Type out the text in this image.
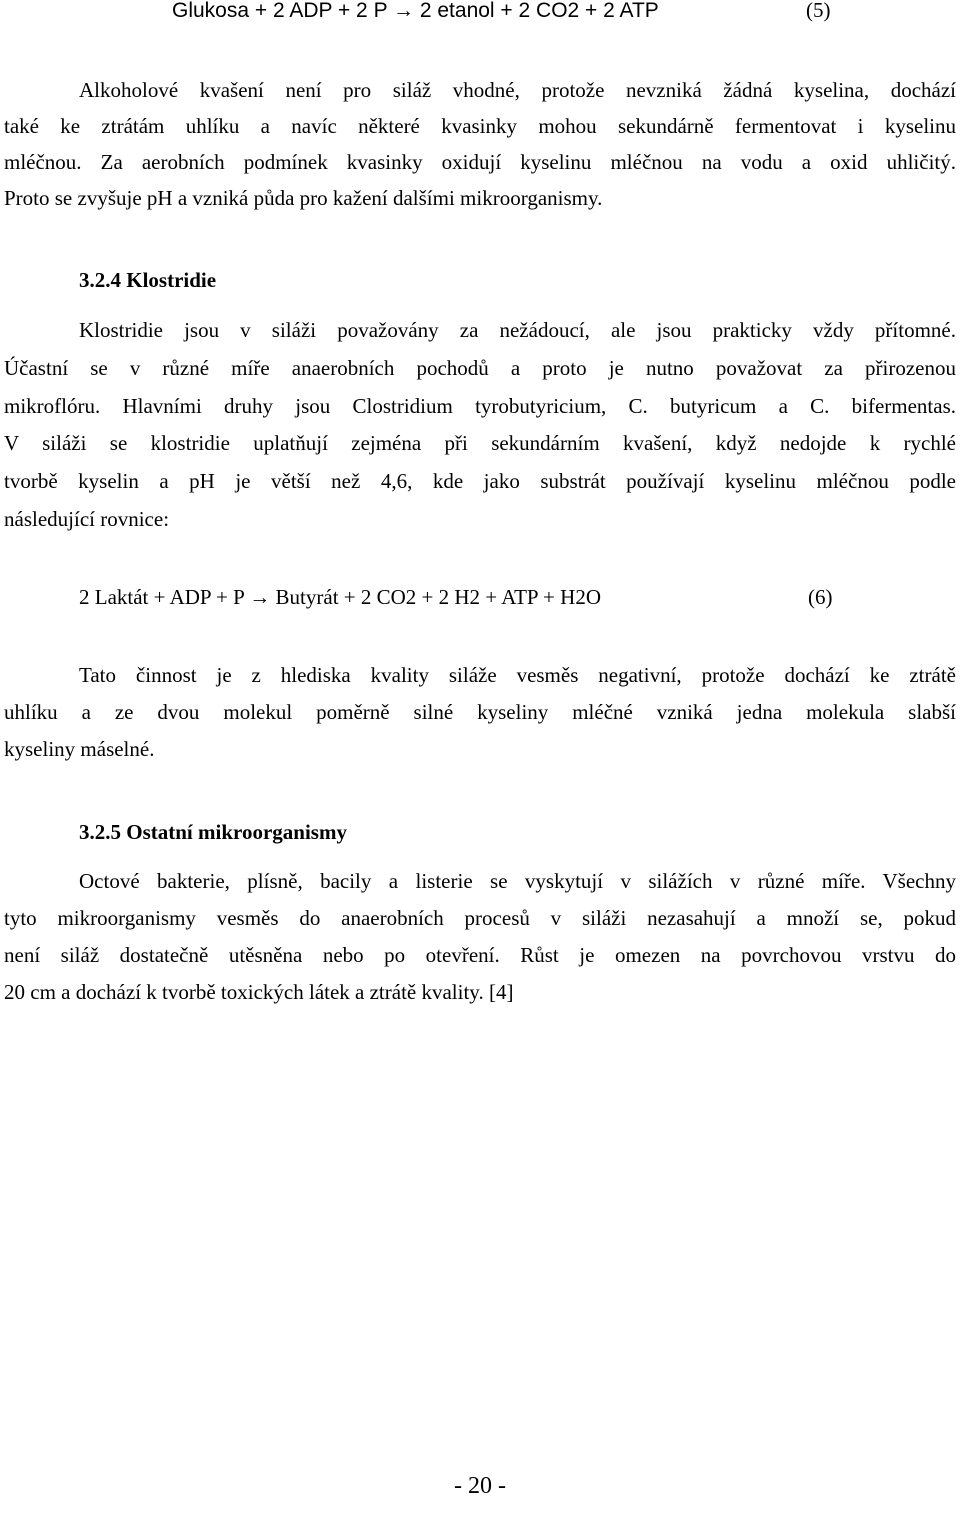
Glukosa + 2 ADP + 2 P → 2 etanol + 2 CO2 + 2 ATP	(5)
Alkoholové kvašení není pro siláž vhodné, protože nevzniká žádná kyselina, dochází
také ke ztrátám uhlíku a navíc některé kvasinky mohou sekundárně fermentovat i kyselinu
mléčnou. Za aerobních podmínek kvasinky oxidují kyselinu mléčnou na vodu a oxid uhličitý.
Proto se zvyšuje pH a vzniká půda pro kažení dalšími mikroorganismy.
3.2.4 Klostridie
Klostridie jsou v siláži považovány za nežádoucí, ale jsou prakticky vždy přítomné.
Účastní se v různé míře anaerobních pochodů a proto je nutno považovat za přirozenou
mikroflóru. Hlavními druhy jsou Clostridium tyrobutyricium, C. butyricum a C. bifermentas.
V siláži se klostridie uplatňují zejména při sekundárním kvašení, když nedojde k rychlé
tvorbě kyselin a pH je větší než 4,6, kde jako substrát používají kyselinu mléčnou podle
následující rovnice:
2 Laktát + ADP + P → Butyrát + 2 CO2 + 2 H2 + ATP + H2O	(6)
Tato činnost je z hlediska kvality siláže vesměs negativní, protože dochází ke ztrátě
uhlíku a ze dvou molekul poměrně silné kyseliny mléčné vzniká jedna molekula slabší
kyseliny máselné.
3.2.5 Ostatní mikroorganismy
Octové bakterie, plísně, bacily a listerie se vyskytují v silážích v různé míře. Všechny
tyto mikroorganismy vesměs do anaerobních procesů v siláži nezasahují a množí se, pokud
není siláž dostatečně utěsněna nebo po otevření. Růst je omezen na povrchovou vrstvu do
20 cm a dochází k tvorbě toxických látek a ztrátě kvality. [4]
- 20 -
